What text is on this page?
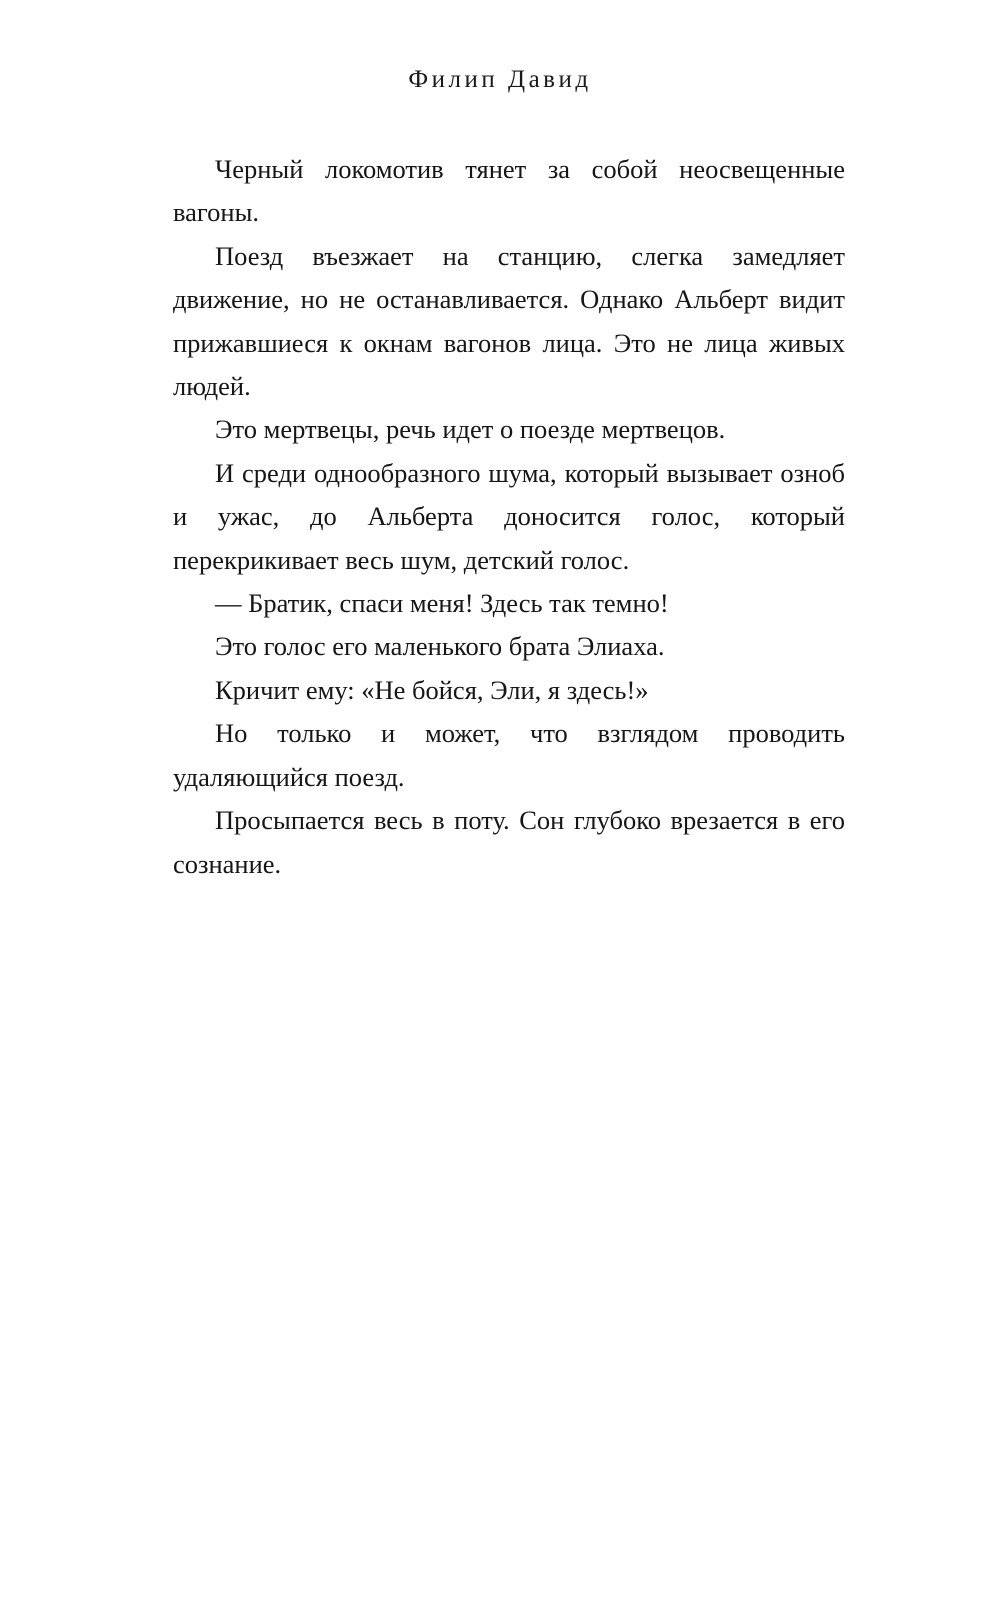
Филип Давид

Черный локомотив тянет за собой неосвещенные вагоны.

Поезд въезжает на станцию, слегка замедляет движение, но не останавливается. Однако Альберт видит прижавшиеся к окнам вагонов лица. Это не лица живых людей.

Это мертвецы, речь идет о поезде мертвецов.

И среди однообразного шума, который вызывает озноб и ужас, до Альберта доносится голос, который перекрикивает весь шум, детский голос.

— Братик, спаси меня! Здесь так темно!

Это голос его маленького брата Элиаха.

Кричит ему: «Не бойся, Эли, я здесь!»

Но только и может, что взглядом проводить удаляющийся поезд.

Просыпается весь в поту. Сон глубоко врезается в его сознание.
